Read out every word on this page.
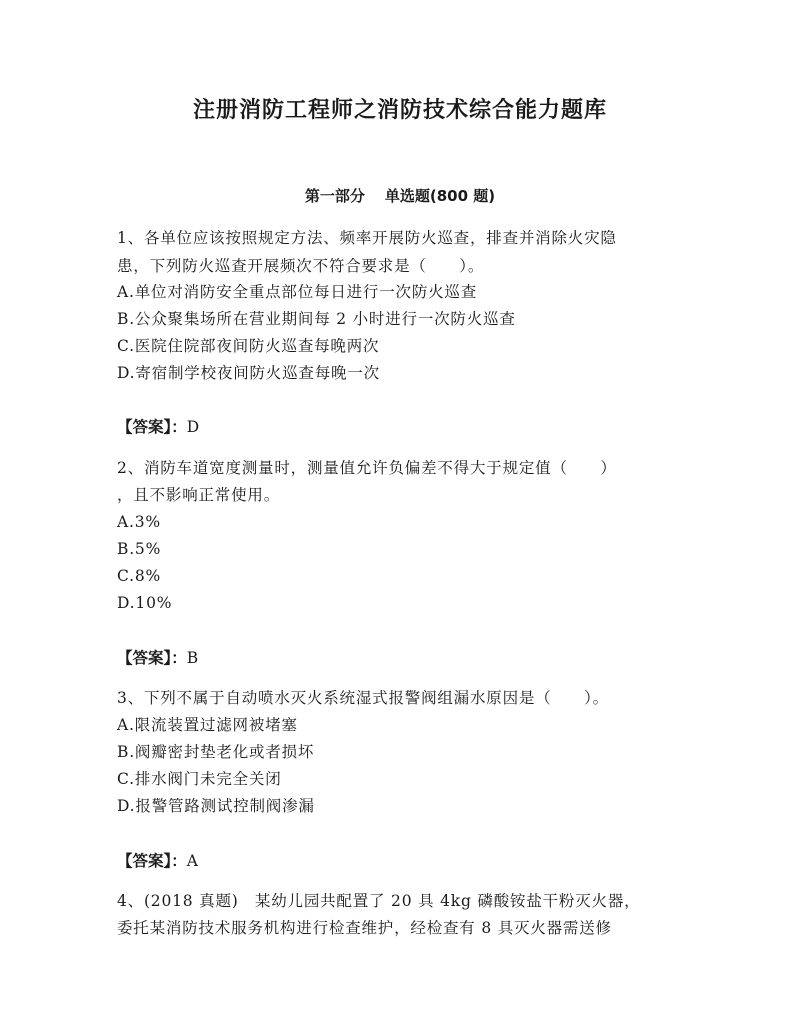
注册消防工程师之消防技术综合能力题库
第一部分 单选题(800 题)
1、各单位应该按照规定方法、频率开展防火巡查，排查并消除火灾隐
患，下列防火巡查开展频次不符合要求是（　　）。
A.单位对消防安全重点部位每日进行一次防火巡查
B.公众聚集场所在营业期间每 2 小时进行一次防火巡查
C.医院住院部夜间防火巡查每晚两次
D.寄宿制学校夜间防火巡查每晚一次
【答案】：D
2、消防车道宽度测量时，测量值允许负偏差不得大于规定值（　　）
，且不影响正常使用。
A.3%
B.5%
C.8%
D.10%
【答案】：B
3、下列不属于自动喷水灭火系统湿式报警阀组漏水原因是（　　）。
A.限流装置过滤网被堵塞
B.阀瓣密封垫老化或者损坏
C.排水阀门未完全关闭
D.报警管路测试控制阀渗漏
【答案】：A
4、(2018 真题)　某幼儿园共配置了 20 具 4kg 磷酸铵盐干粉灭火器，
委托某消防技术服务机构进行检查维护，经检查有 8 具灭火器需送修
